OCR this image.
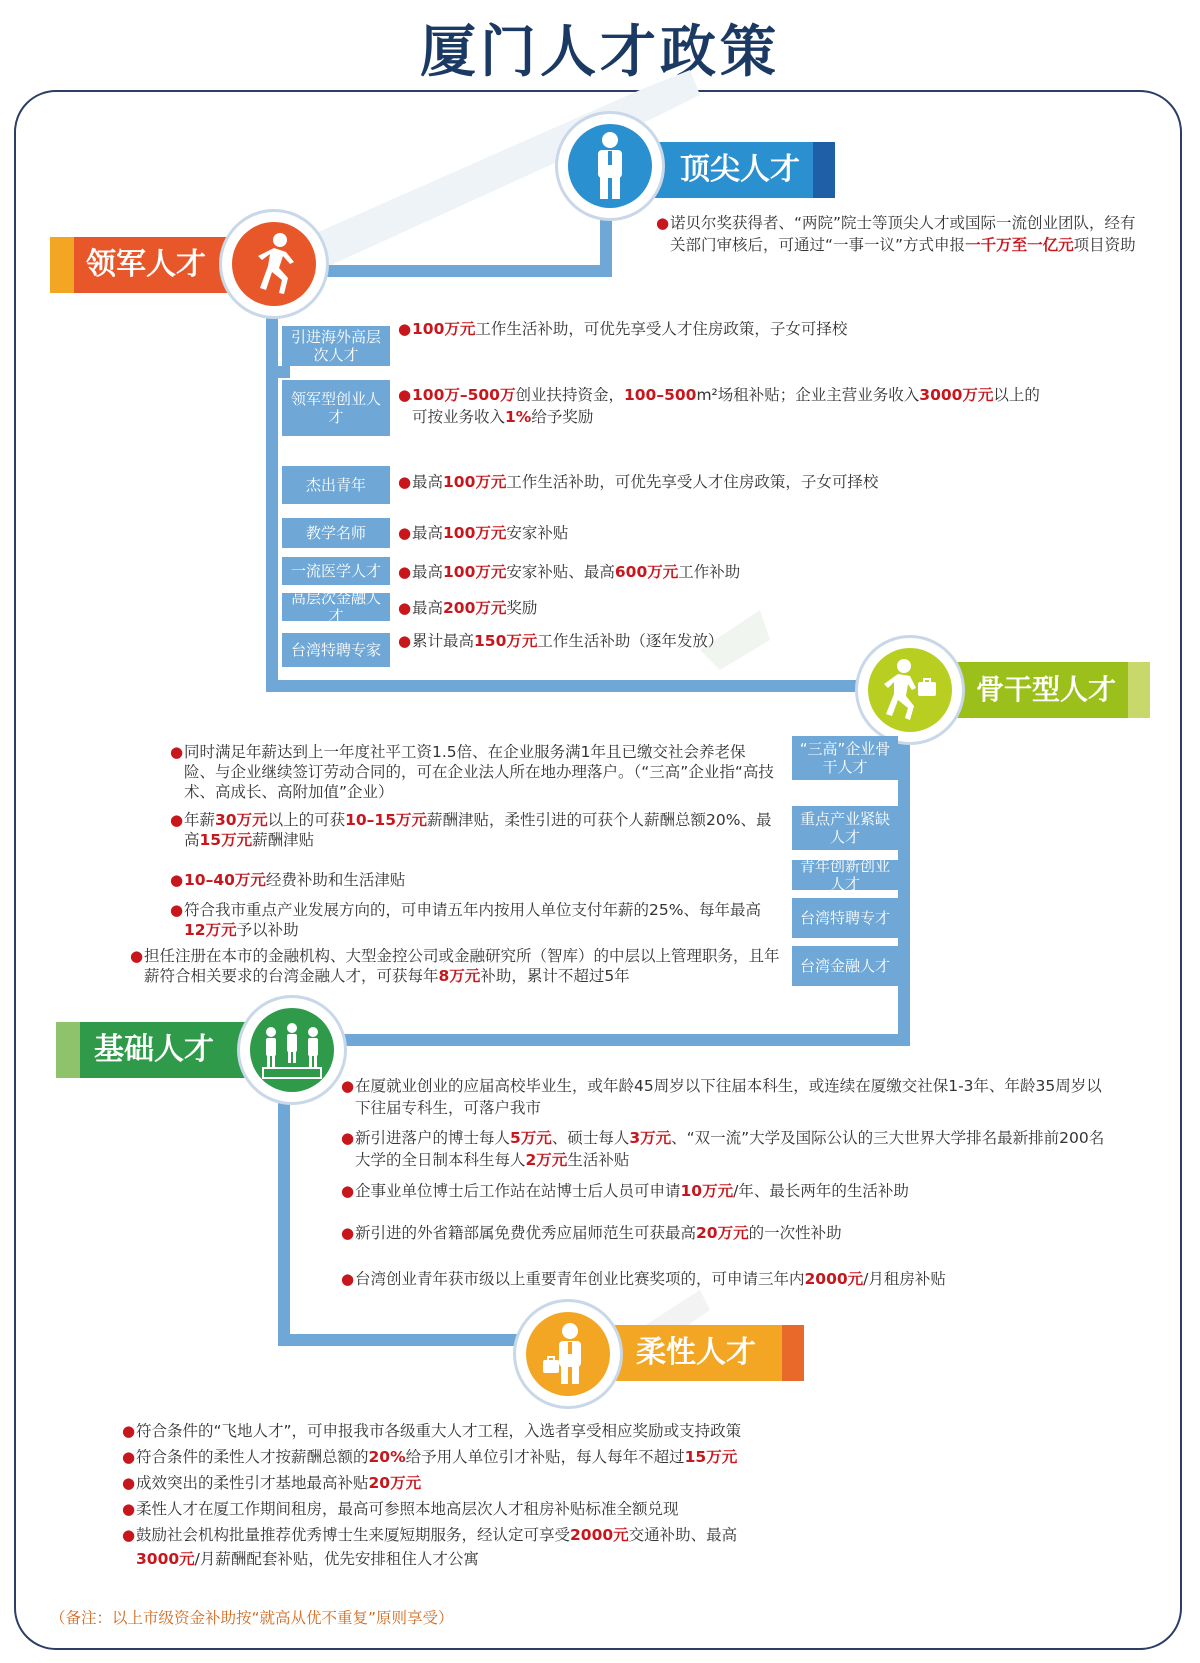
厦门人才政策
顶尖人才
● 诺贝尔奖获得者、“两院”院士等顶尖人才或国际一流创业团队，经有关部门审核后，可通过“一事一议”方式申报一千万至一亿元项目资助
领军人才
引进海外高层次人才
领军型创业人才
杰出青年
教学名师
一流医学人才
高层次金融人才
台湾特聘专家
● 100万元工作生活补助，可优先享受人才住房政策，子女可择校
● 100万–500万创业扶持资金，100–500m²场租补贴；企业主营业务收入3000万元以上的可按业务收入1%给予奖励
● 最高100万元工作生活补助，可优先享受人才住房政策，子女可择校
● 最高100万元安家补贴
● 最高100万元安家补贴、最高600万元工作补助
● 最高200万元奖励
● 累计最高150万元工作生活补助（逐年发放）
骨干型人才
“三高”企业骨干人才
重点产业紧缺人才
青年创新创业人才
台湾特聘专才
台湾金融人才
● 同时满足年薪达到上一年度社平工资1.5倍、在企业服务满1年且已缴交社会养老保险、与企业继续签订劳动合同的，可在企业法人所在地办理落户。（“三高”企业指“高技术、高成长、高附加值”企业）
● 年薪30万元以上的可获10–15万元薪酬津贴，柔性引进的可获个人薪酬总额20%、最高15万元薪酬津贴
● 10–40万元经费补助和生活津贴
● 符合我市重点产业发展方向的，可申请五年内按用人单位支付年薪的25%、每年最高12万元予以补助
● 担任注册在本市的金融机构、大型金控公司或金融研究所（智库）的中层以上管理职务，且年薪符合相关要求的台湾金融人才，可获每年8万元补助，累计不超过5年
基础人才
● 在厦就业创业的应届高校毕业生，或年龄45周岁以下往届本科生，或连续在厦缴交社保1-3年、年龄35周岁以下往届专科生，可落户我市
● 新引进落户的博士每人5万元、硕士每人3万元、“双一流”大学及国际公认的三大世界大学排名最新排前200名大学的全日制本科生每人2万元生活补贴
● 企事业单位博士后工作站在站博士后人员可申请10万元/年、最长两年的生活补助
● 新引进的外省籍部属免费优秀应届师范生可获最高20万元的一次性补助
● 台湾创业青年获市级以上重要青年创业比赛奖项的，可申请三年内2000元/月租房补贴
柔性人才
● 符合条件的“飞地人才”，可申报我市各级重大人才工程，入选者享受相应奖励或支持政策
● 符合条件的柔性人才按薪酬总额的20%给予用人单位引才补贴，每人每年不超过15万元
● 成效突出的柔性引才基地最高补贴20万元
● 柔性人才在厦工作期间租房，最高可参照本地高层次人才租房补贴标准全额兑现
● 鼓励社会机构批量推荐优秀博士生来厦短期服务，经认定可享受2000元交通补助、最高
3000元/月薪酬配套补贴，优先安排租住人才公寓
（备注：以上市级资金补助按“就高从优不重复”原则享受）
